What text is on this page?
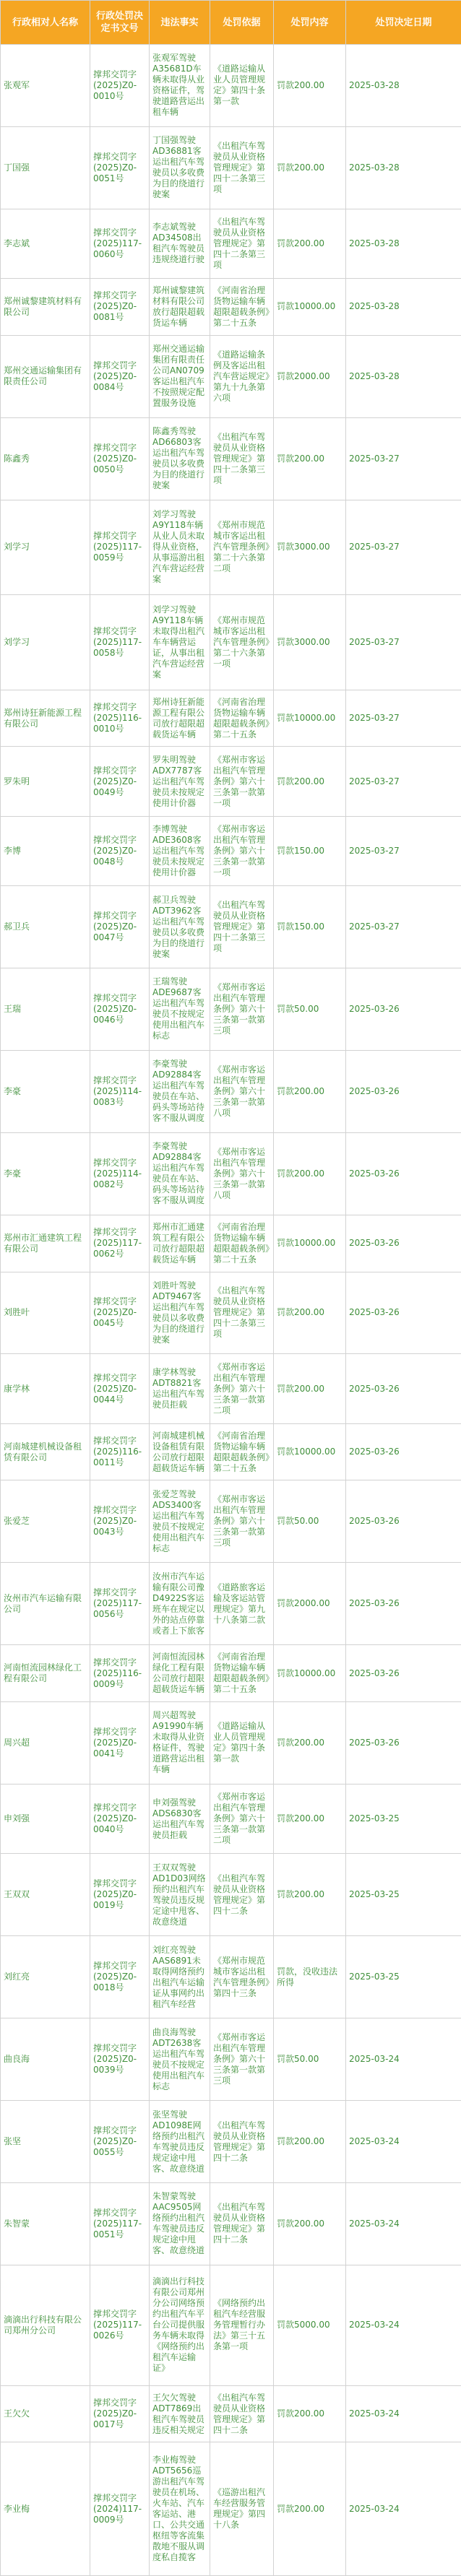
行政相对人名称	行政处罚决定书文号	违法事实	处罚依据	处罚内容	处罚决定日期
张观军	撑邦交罚字(2025)Z0-0010号	张观军驾驶A35681D车辆未取得从业资格证件，驾驶道路营运出租车辆	《道路运输从业人员管理规定》第四十条第一款	罚款200.00	2025-03-28
丁国强	撑邦交罚字(2025)Z0-0051号	丁国强驾驶AD36881客运出租汽车驾驶员以多收费为目的绕道行驶案	《出租汽车驾驶员从业资格管理规定》第四十二条第三项	罚款200.00	2025-03-28
李志斌	撑邦交罚字(2025)117-0060号	李志斌驾驶AD34508出租汽车驾驶员违规绕道行驶	《出租汽车驾驶员从业资格管理规定》第四十二条第三项	罚款200.00	2025-03-28
郑州诚黎建筑材料有限公司	撑邦交罚字(2025)Z0-0081号	郑州诚黎建筑材料有限公司放行超限超载货运车辆	《河南省治理货物运输车辆超限超载条例》第二十五条	罚款10000.00	2025-03-28
郑州交通运输集团有限责任公司	撑邦交罚字(2025)Z0-0084号	郑州交通运输集团有限责任公司AN0709客运出租汽车不按照规定配置服务设施	《道路运输条例及客运出租汽车营运规定》第九十九条第六项	罚款2000.00	2025-03-28
陈鑫秀	撑邦交罚字(2025)Z0-0050号	陈鑫秀驾驶AD66803客运出租汽车驾驶员以多收费为目的绕道行驶案	《出租汽车驾驶员从业资格管理规定》第四十二条第三项	罚款200.00	2025-03-27
刘学习	撑邦交罚字(2025)117-0059号	刘学习驾驶A9Y118车辆从业人员未取得从业资格，从事巡游出租汽车营运经营案	《郑州市规范城市客运出租汽车管理条例》第二十六条第二项	罚款3000.00	2025-03-27
刘学习	撑邦交罚字(2025)117-0058号	刘学习驾驶A9Y118车辆未取得出租汽车车辆营运证，从事出租汽车营运经营案	《郑州市规范城市客运出租汽车管理条例》第二十六条第一项	罚款3000.00	2025-03-27
郑州诗狂新能源工程有限公司	撑邦交罚字(2025)116-0010号	郑州诗狂新能源工程有限公司放行超限超载货运车辆	《河南省治理货物运输车辆超限超载条例》第二十五条	罚款10000.00	2025-03-27
罗朱明	撑邦交罚字(2025)Z0-0049号	罗朱明驾驶ADX7787客运出租汽车驾驶员未按规定使用计价器	《郑州市客运出租汽车管理条例》第六十三条第一款第一项	罚款200.00	2025-03-27
李博	撑邦交罚字(2025)Z0-0048号	李博驾驶ADE3608客运出租汽车驾驶员未按规定使用计价器	《郑州市客运出租汽车管理条例》第六十三条第一款第一项	罚款150.00	2025-03-27
郝卫兵	撑邦交罚字(2025)Z0-0047号	郝卫兵驾驶ADT3962客运出租汽车驾驶员以多收费为目的绕道行驶案	《出租汽车驾驶员从业资格管理规定》第四十二条第三项	罚款150.00	2025-03-27
王瑞	撑邦交罚字(2025)Z0-0046号	王瑞驾驶ADE9687客运出租汽车驾驶员不按规定使用出租汽车标志	《郑州市客运出租汽车管理条例》第六十三条第一款第三项	罚款50.00	2025-03-26
李豪	撑邦交罚字(2025)114-0083号	李豪驾驶AD92884客运出租汽车驾驶员在车站、码头等场站待客不服从调度	《郑州市客运出租汽车管理条例》第六十三条第一款第八项	罚款200.00	2025-03-26
李豪	撑邦交罚字(2025)114-0082号	李豪驾驶AD92884客运出租汽车驾驶员在车站、码头等场站待客不服从调度	《郑州市客运出租汽车管理条例》第六十三条第一款第八项	罚款200.00	2025-03-26
郑州市汇通建筑工程有限公司	撑邦交罚字(2025)117-0062号	郑州市汇通建筑工程有限公司放行超限超载货运车辆	《河南省治理货物运输车辆超限超载条例》第二十五条	罚款10000.00	2025-03-26
刘胜叶	撑邦交罚字(2025)Z0-0045号	刘胜叶驾驶ADT9467客运出租汽车驾驶员以多收费为目的绕道行驶案	《出租汽车驾驶员从业资格管理规定》第四十二条第三项	罚款200.00	2025-03-26
康学林	撑邦交罚字(2025)Z0-0044号	康学林驾驶ADT8821客运出租汽车驾驶员拒载	《郑州市客运出租汽车管理条例》第六十三条第一款第二项	罚款200.00	2025-03-26
河南城建机械设备租赁有限公司	撑邦交罚字(2025)116-0011号	河南城建机械设备租赁有限公司放行超限超载货运车辆	《河南省治理货物运输车辆超限超载条例》第二十五条	罚款10000.00	2025-03-26
张爱芝	撑邦交罚字(2025)Z0-0043号	张爱芝驾驶ADS3400客运出租汽车驾驶员不按规定使用出租汽车标志	《郑州市客运出租汽车管理条例》第六十三条第一款第三项	罚款50.00	2025-03-26
汝州市汽车运输有限公司	撑邦交罚字(2025)117-0056号	汝州市汽车运输有限公司豫D4922S客运班车在规定以外的站点停靠或者上下旅客	《道路旅客运输及客运站管理规定》第九十八条第二款	罚款2000.00	2025-03-26
河南恒流园林绿化工程有限公司	撑邦交罚字(2025)116-0009号	河南恒流园林绿化工程有限公司放行超限超载货运车辆	《河南省治理货物运输车辆超限超载条例》第二十五条	罚款10000.00	2025-03-26
周兴超	撑邦交罚字(2025)Z0-0041号	周兴超驾驶A91990车辆未取得从业资格证件，驾驶道路营运出租车辆	《道路运输从业人员管理规定》第四十条第一款	罚款200.00	2025-03-26
申刘强	撑邦交罚字(2025)Z0-0040号	申刘强驾驶ADS6830客运出租汽车驾驶员拒载	《郑州市客运出租汽车管理条例》第六十三条第一款第二项	罚款200.00	2025-03-25
王双双	撑邦交罚字(2025)Z0-0019号	王双双驾驶AD1D03网络预约出租汽车驾驶员违反规定途中甩客、故意绕道	《出租汽车驾驶员从业资格管理规定》第四十二条	罚款200.00	2025-03-25
刘红亮	撑邦交罚字(2025)Z0-0018号	刘红亮驾驶AAS6891未取得网络预约出租汽车运输证从事网约出租汽车经营	《郑州市规范城市客运出租汽车管理条例》第四十三条	罚款，没收违法所得	2025-03-25
曲良海	撑邦交罚字(2025)Z0-0039号	曲良海驾驶ADT2638客运出租汽车驾驶员不按规定使用出租汽车标志	《郑州市客运出租汽车管理条例》第六十三条第一款第三项	罚款50.00	2025-03-24
张坚	撑邦交罚字(2025)Z0-0055号	张坚驾驶AD1098E网络预约出租汽车驾驶员违反规定途中甩客、故意绕道	《出租汽车驾驶员从业资格管理规定》第四十二条	罚款200.00	2025-03-24
朱智蒙	撑邦交罚字(2025)117-0051号	朱智蒙驾驶AAC9505网络预约出租汽车驾驶员违反规定途中甩客、故意绕道	《出租汽车驾驶员从业资格管理规定》第四十二条	罚款200.00	2025-03-24
滴滴出行科技有限公司郑州分公司	撑邦交罚字(2025)117-0026号	滴滴出行科技有限公司郑州分公司网络预约出租汽车平台公司提供服务车辆未取得《网络预约出租汽车运输证》	《网络预约出租汽车经营服务管理暂行办法》第三十五条第一项	罚款5000.00	2025-03-24
王欠欠	撑邦交罚字(2025)Z0-0017号	王欠欠驾驶ADT7869出租汽车驾驶员违反相关规定	《出租汽车驾驶员从业资格管理规定》第四十二条	罚款200.00	2025-03-24
李业梅	撑邦交罚字(2024)117-0009号	李业梅驾驶ADT5656巡游出租汽车驾驶员在机场、火车站、汽车客运站、港口、公共交通枢纽等客流集散地不服从调度私自揽客	《巡游出租汽车经营服务管理规定》第四十八条	罚款200.00	2025-03-24
